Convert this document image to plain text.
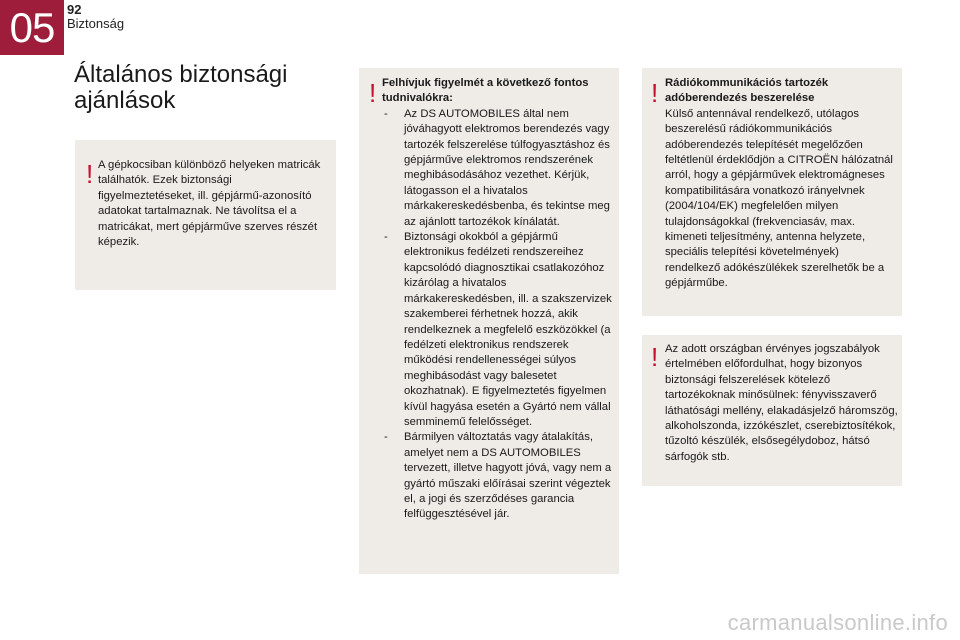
05 92
Biztonság
Általános biztonsági ajánlások
! A gépkocsiban különböző helyeken matricák találhatók. Ezek biztonsági figyelmeztetéseket, ill. gépjármű-azonosító adatokat tartalmaznak. Ne távolítsa el a matricákat, mert gépjárműve szerves részét képezik.
! Felhívjuk figyelmét a következő fontos tudnivalókra:

- Az DS AUTOMOBILES által nem jóváhagyott elektromos berendezés vagy tartozék felszerelése túlfogyasztáshoz és gépjárműve elektromos rendszerének meghibásodásához vezethet. Kérjük, látogasson el a hivatalos márkakereskedésbenba, és tekintse meg az ajánlott tartozékok kínálatát.
- Biztonsági okokból a gépjármű elektronikus fedélzeti rendszereihez kapcsolódó diagnosztikai csatlakozóhoz kizárólag a hivatalos márkakereskedésben, ill. a szakszervizek szakemberei férhetnek hozzá, akik rendelkeznek a megfelelő eszközökkel (a fedélzeti elektronikus rendszerek működési rendellenességei súlyos meghibásodást vagy balesetet okozhatnak). E figyelmeztetés figyelmen kívül hagyása esetén a Gyártó nem vállal semminemű felelősséget.
- Bármilyen változtatás vagy átalakítás, amelyet nem a DS AUTOMOBILES tervezett, illetve hagyott jóvá, vagy nem a gyártó műszaki előírásai szerint végeztek el, a jogi és szerződéses garancia felfüggesztésével jár.
! Rádiókommunikációs tartozék adóberendezés beszerelése

Külső antennával rendelkező, utólagos beszerelésű rádiókommunikációs adóberendezés telepítését megelőzően feltétlenül érdeklődjön a CITROËN hálózatnál arról, hogy a gépjárművek elektromágneses kompatibilitására vonatkozó irányelvnek (2004/104/EK) megfelelően milyen tulajdonságokkal (frekvenciasáv, max. kimeneti teljesítmény, antenna helyzete, speciális telepítési követelmények) rendelkező adókészülékek szerelhetők be a gépjárműbe.

! Az adott országban érvényes jogszabályok értelmében előfordulhat, hogy bizonyos biztonsági felszerelések kötelező tartozékoknak minősülnek: fényvisszaverő láthatósági mellény, elakadásjelző háromszög, alkoholszonda, izzókészlet, cserebiztosítékok, tűzoltó készülék, elsősegélydoboz, hátsó sárfogók stb.
carmanualsonline.info
